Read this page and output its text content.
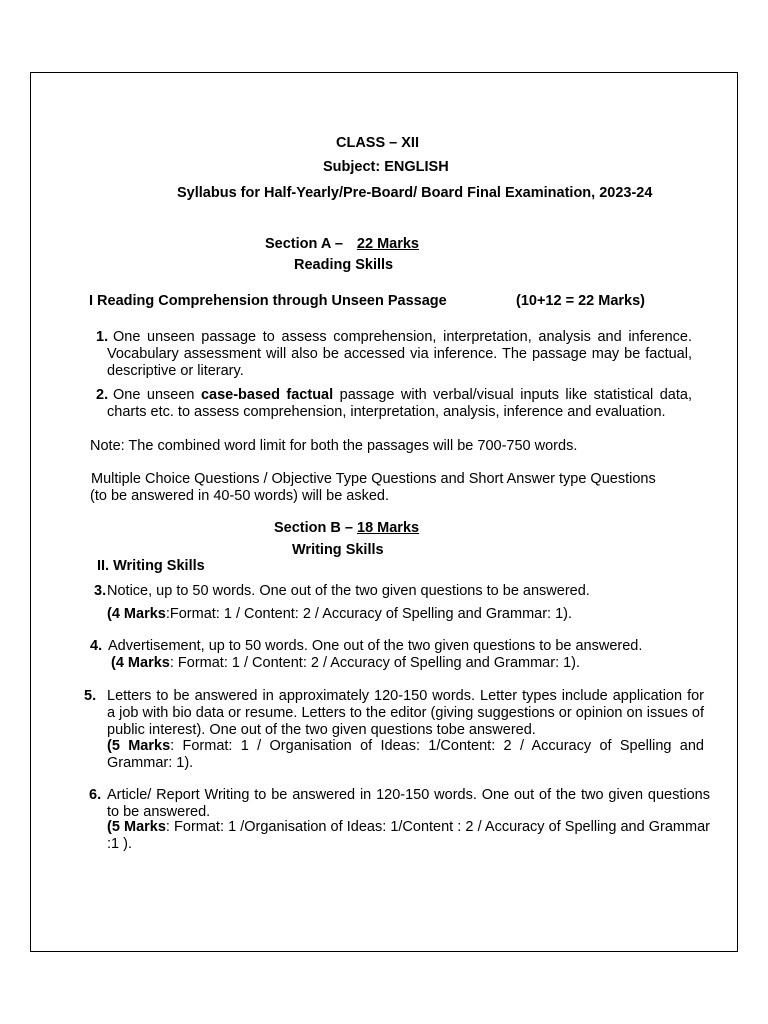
CLASS – XII
Subject: ENGLISH
Syllabus for Half-Yearly/Pre-Board/ Board Final Examination, 2023-24
Section A – 22 Marks
Reading Skills
I Reading Comprehension through Unseen Passage	(10+12 = 22 Marks)
1. One unseen passage to assess comprehension, interpretation, analysis and inference. Vocabulary assessment will also be accessed via inference. The passage may be factual, descriptive or literary.
2. One unseen case-based factual passage with verbal/visual inputs like statistical data, charts etc. to assess comprehension, interpretation, analysis, inference and evaluation.
Note: The combined word limit for both the passages will be 700-750 words.
Multiple Choice Questions / Objective Type Questions and Short Answer type Questions
(to be answered in 40-50 words) will be asked.
Section B – 18 Marks
Writing Skills
II. Writing Skills
3. Notice, up to 50 words. One out of the two given questions to be answered.
(4 Marks:Format: 1 / Content: 2 / Accuracy of Spelling and Grammar: 1).
4. Advertisement, up to 50 words. One out of the two given questions to be answered.
(4 Marks: Format: 1 / Content: 2 / Accuracy of Spelling and Grammar: 1).
5. Letters to be answered in approximately 120-150 words. Letter types include application for a job with bio data or resume. Letters to the editor (giving suggestions or opinion on issues of public interest). One out of the two given questions tobe answered.
(5 Marks: Format: 1 / Organisation of Ideas: 1/Content: 2 / Accuracy of Spelling and Grammar: 1).
6. Article/ Report Writing to be answered in 120-150 words. One out of the two given questions to be answered.
(5 Marks: Format: 1 /Organisation of Ideas: 1/Content : 2 / Accuracy of Spelling and Grammar :1 ).
